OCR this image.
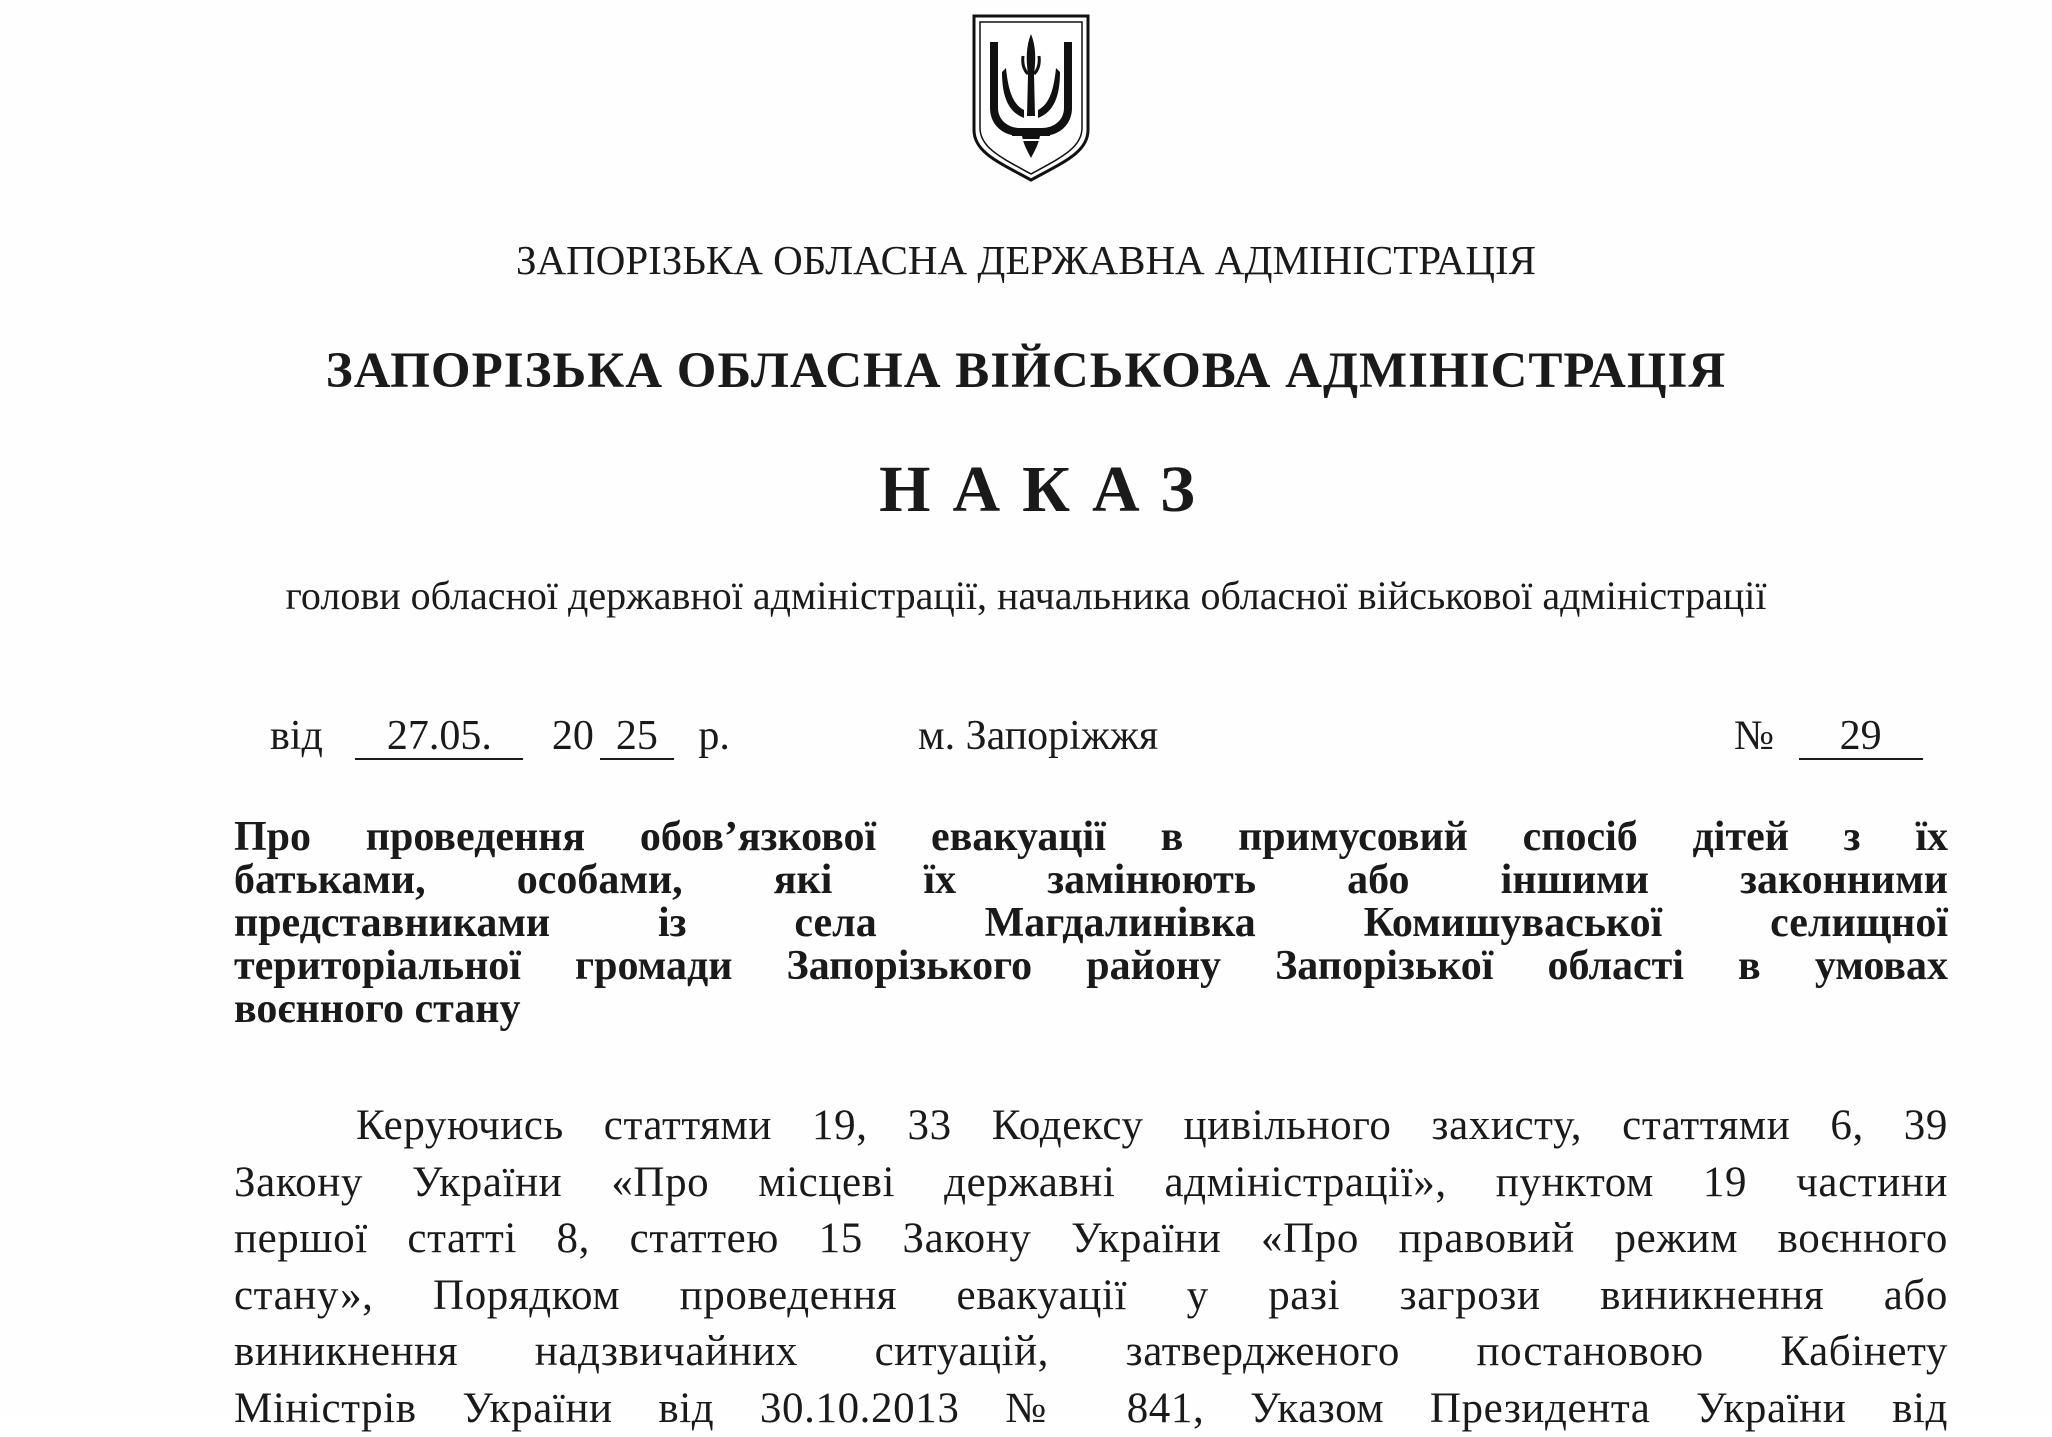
ЗАПОРІЗЬКА ОБЛАСНА ДЕРЖАВНА АДМІНІСТРАЦІЯ
ЗАПОРІЗЬКА ОБЛАСНА ВІЙСЬКОВА АДМІНІСТРАЦІЯ
НАКАЗ
голови обласної державної адміністрації, начальника обласної військової адміністрації
від 27.05. 20 25 р.	м. Запоріжжя	№ 29
Про проведення обов’язкової евакуації в примусовий спосіб дітей з їх
батьками, особами, які їх замінюють або іншими законними
представниками із села Магдалинівка Комишуваської селищної
територіальної громади Запорізького району Запорізької області в умовах
воєнного стану
Керуючись статтями 19, 33 Кодексу цивільного захисту, статтями 6, 39
Закону України «Про місцеві державні адміністрації», пунктом 19 частини
першої статті 8, статтею 15 Закону України «Про правовий режим воєнного
стану», Порядком проведення евакуації у разі загрози виникнення або
виникнення надзвичайних ситуацій, затвердженого постановою Кабінету
Міністрів України від 30.10.2013 № 841, Указом Президента України від
